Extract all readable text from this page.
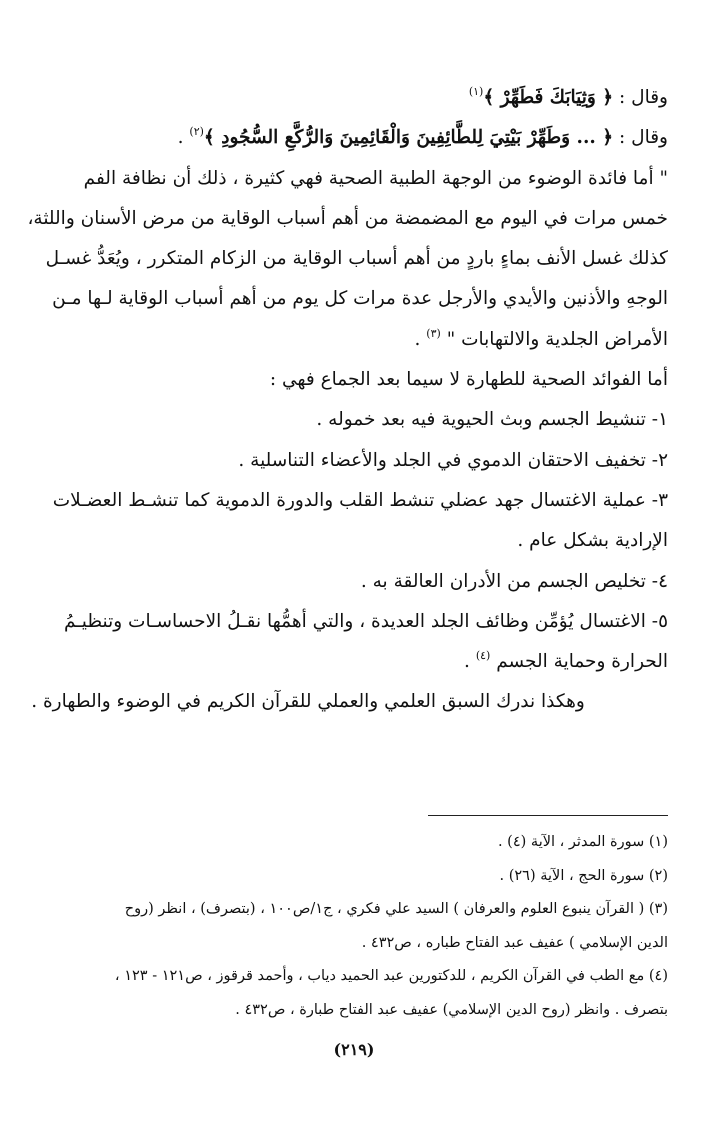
وقال : ﴿ وَثِيَابَكَ فَطَهِّرْ ﴾$^{(١)}$
وقال : ﴿ ... وَطَهِّرْ بَيْتِيَ لِلطَّائِفِينَ وَالْقَائِمِينَ وَالرُّكَّعِ السُّجُودِ ﴾$^{(٢)}$ .
" أما فائدة الوضوء من الوجهة الطبية الصحية فهي كثيرة ، ذلك أن نظافة الفم
خمس مرات في اليوم مع المضمضة من أهم أسباب الوقاية من مرض الأسنان واللثة،
كذلك غسل الأنف بماءٍ باردٍ من أهم أسباب الوقاية من الزكام المتكرر ، ويُعَدُّ غسـل
الوجهِ والأذنين والأيدي والأرجل عدة مرات كل يوم من أهم أسباب الوقاية لـها مـن
الأمراض الجلدية والالتهابات " $^{(٣)}$ .
أما الفوائد الصحية للطهارة لا سيما بعد الجماع فهي :
١- تنشيط الجسم وبث الحيوية فيه بعد خموله .
٢- تخفيف الاحتقان الدموي في الجلد والأعضاء التناسلية .
٣- عملية الاغتسال جهد عضلي تنشط القلب والدورة الدموية كما تنشـط العضـلات
الإرادية بشكل عام .
٤- تخليص الجسم من الأدران العالقة به .
٥- الاغتسال يُؤمِّن وظائف الجلد العديدة ، والتي أهمُّها نقـلُ الاحساسـات وتنظيـمُ
الحرارة وحماية الجسم $^{(٤)}$ .
وهكذا ندرك السبق العلمي والعملي للقرآن الكريم في الوضوء والطهارة .
(١) سورة المدثر ، الآية (٤) .
(٢) سورة الحج ، الآية (٢٦) .
(٣) ( القرآن ينبوع العلوم والعرفان ) السيد علي فكري ، ج١/ص١٠٠ ، (بتصرف) ، انظر (روح
الدين الإسلامي ) عفيف عبد الفتاح طباره ، ص٤٣٢ .
(٤) مع الطب في القرآن الكريم ، للدكتورين عبد الحميد دياب ، وأحمد قرقوز ، ص١٢١ - ١٢٣ ،
بتصرف . وانظر (روح الدين الإسلامي) عفيف عبد الفتاح طبارة ، ص٤٣٢ .
(٢١٩)
